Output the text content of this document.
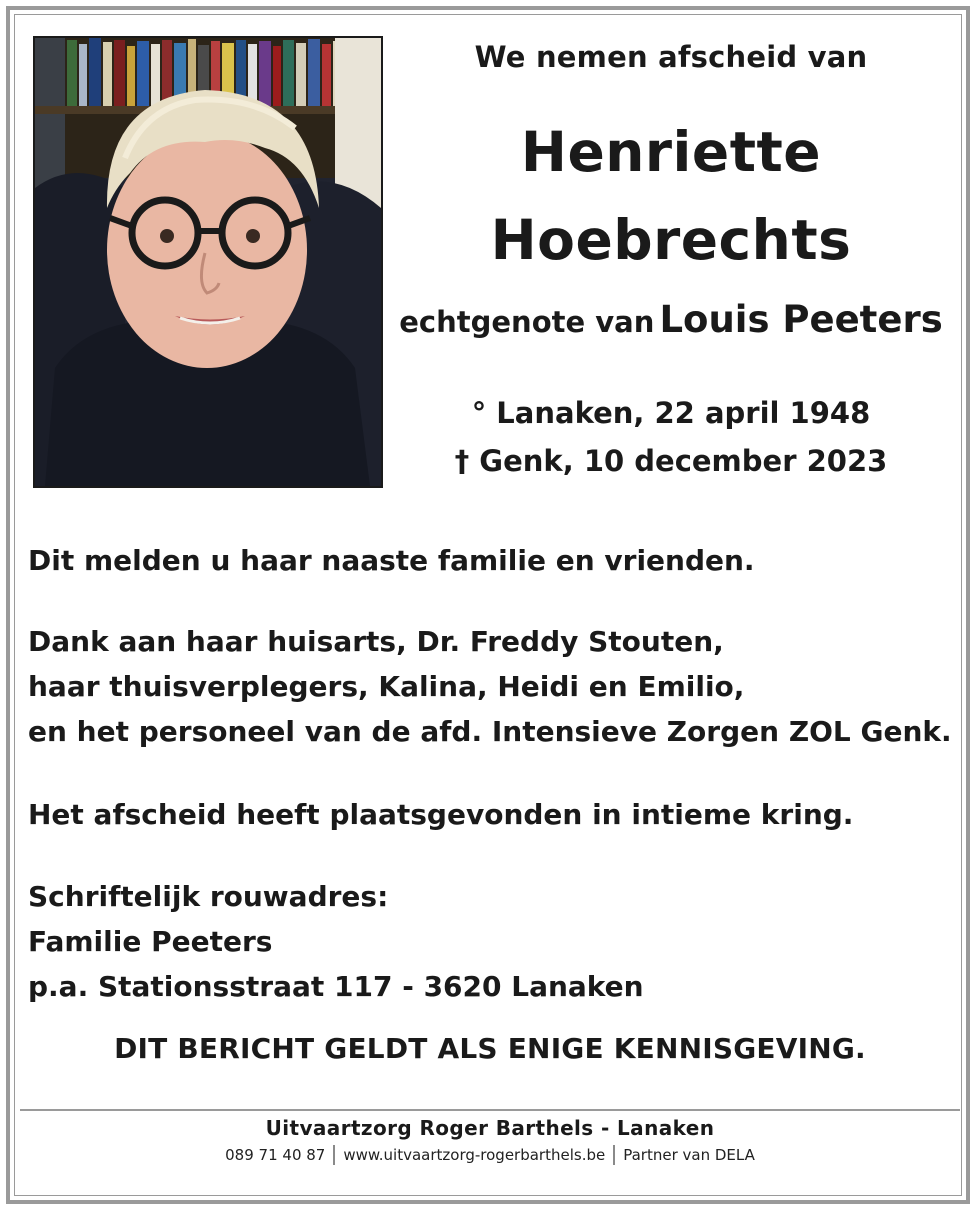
We nemen afscheid van
Henriette
Hoebrechts
echtgenote van Louis Peeters
° Lanaken, 22 april 1948
† Genk, 10 december 2023
Dit melden u haar naaste familie en vrienden.
Dank aan haar huisarts, Dr. Freddy Stouten,
haar thuisverplegers, Kalina, Heidi en Emilio,
en het personeel van de afd. Intensieve Zorgen ZOL Genk.
Het afscheid heeft plaatsgevonden in intieme kring.
Schriftelijk rouwadres:
Familie Peeters
p.a. Stationsstraat 117 - 3620 Lanaken
DIT BERICHT GELDT ALS ENIGE KENNISGEVING.
Uitvaartzorg Roger Barthels - Lanaken
089 71 40 87 www.uitvaartzorg-rogerbarthels.be Partner van DELA
